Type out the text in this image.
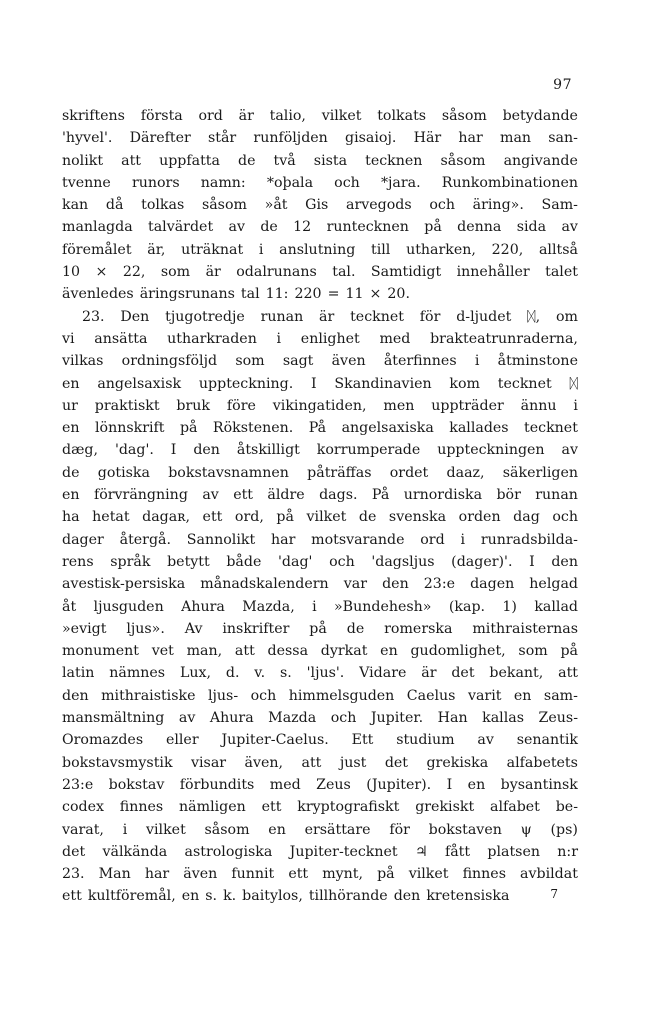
97
skriftens första ord är talio, vilket tolkats såsom betydande
'hyvel'. Därefter står runföljden gisaioj. Här har man san-
nolikt att uppfatta de två sista tecknen såsom angivande
tvenne runors namn: *oþala och *jara. Runkombinationen
kan då tolkas såsom »åt Gis arvegods och äring». Sam-
manlagda talvärdet av de 12 runtecknen på denna sida av
föremålet är, uträknat i anslutning till utharken, 220, alltså
10 × 22, som är odalrunans tal. Samtidigt innehåller talet
ävenledes äringsrunans tal 11: 220 = 11 × 20.
23. Den tjugotredje runan är tecknet för d-ljudet ᛞ, om
vi ansätta utharkraden i enlighet med brakteatrunraderna,
vilkas ordningsföljd som sagt även återfinnes i åtminstone
en angelsaxisk uppteckning. I Skandinavien kom tecknet ᛞ
ur praktiskt bruk före vikingatiden, men uppträder ännu i
en lönnskrift på Rökstenen. På angelsaxiska kallades tecknet
dæg, 'dag'. I den åtskilligt korrumperade uppteckningen av
de gotiska bokstavsnamnen påträffas ordet daaz, säkerligen
en förvrängning av ett äldre dags. På urnordiska bör runan
ha hetat dagaʀ, ett ord, på vilket de svenska orden dag och
dager återgå. Sannolikt har motsvarande ord i runradsbilda-
rens språk betytt både 'dag' och 'dagsljus (dager)'. I den
avestisk-persiska månadskalendern var den 23:e dagen helgad
åt ljusguden Ahura Mazda, i »Bundehesh» (kap. 1) kallad
»evigt ljus». Av inskrifter på de romerska mithraisternas
monument vet man, att dessa dyrkat en gudomlighet, som på
latin nämnes Lux, d. v. s. 'ljus'. Vidare är det bekant, att
den mithraistiske ljus- och himmelsguden Caelus varit en sam-
mansmältning av Ahura Mazda och Jupiter. Han kallas Zeus-
Oromazdes eller Jupiter-Caelus. Ett studium av senantik
bokstavsmystik visar även, att just det grekiska alfabetets
23:e bokstav förbundits med Zeus (Jupiter). I en bysantinsk
codex finnes nämligen ett kryptografiskt grekiskt alfabet be-
varat, i vilket såsom en ersättare för bokstaven ψ (ps)
det välkända astrologiska Jupiter-tecknet ♃ fått platsen n:r
23. Man har även funnit ett mynt, på vilket finnes avbildat
ett kultföremål, en s. k. baitylos, tillhörande den kretensiska	7
